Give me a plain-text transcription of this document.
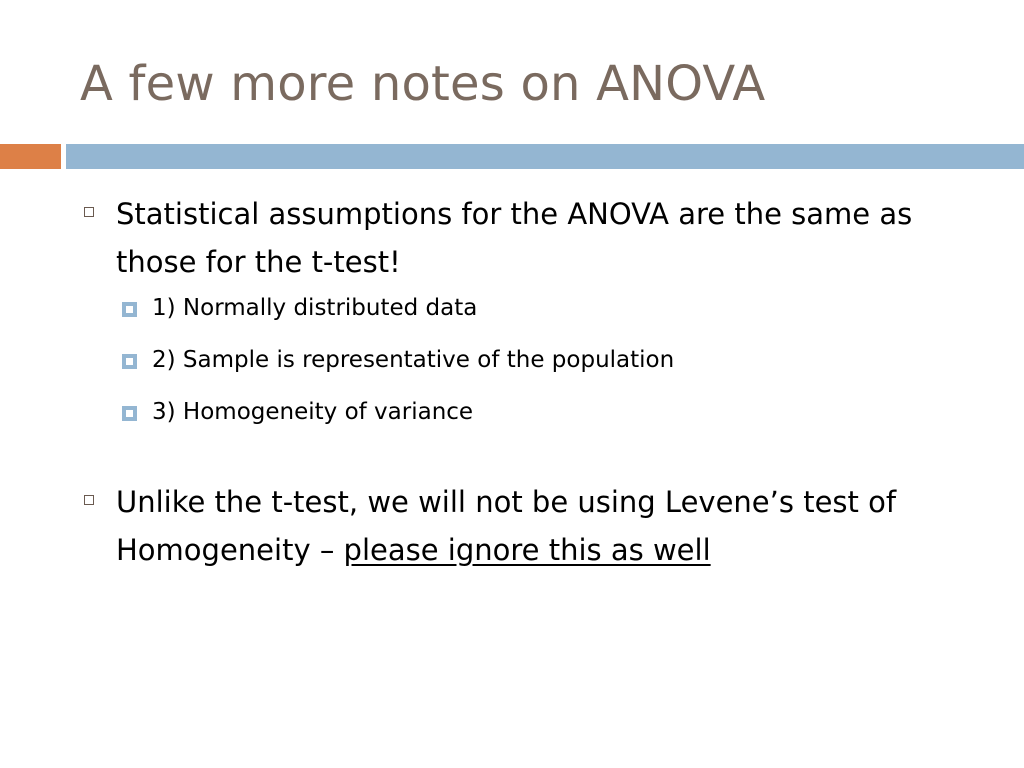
A few more notes on ANOVA
Statistical assumptions for the ANOVA are the same as those for the t-test!
1) Normally distributed data
2) Sample is representative of the population
3) Homogeneity of variance
Unlike the t-test, we will not be using Levene’s test of Homogeneity – please ignore this as well
